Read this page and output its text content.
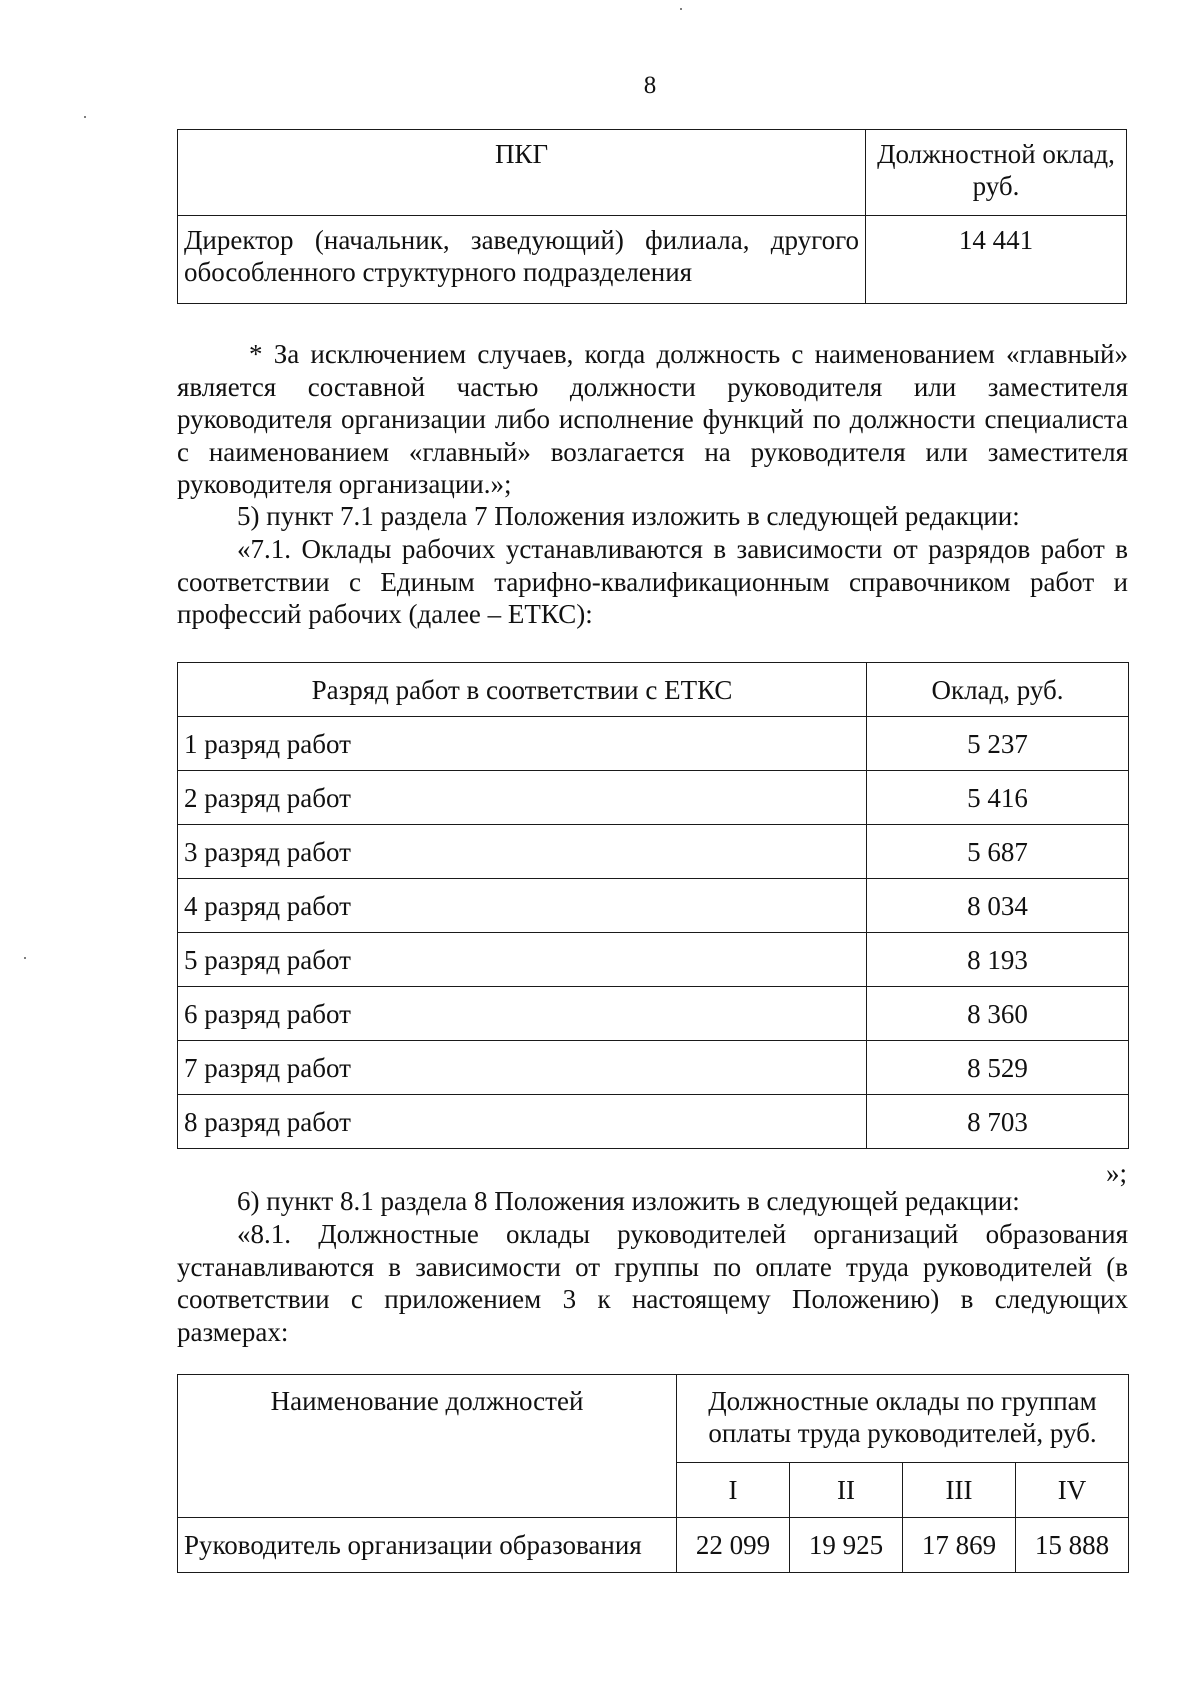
8
ПКГ	Должностной оклад, руб.
Директор (начальник, заведующий) филиала, другого обособленного структурного подразделения	14 441
* За исключением случаев, когда должность с наименованием «главный» является составной частью должности руководителя или заместителя руководителя организации либо исполнение функций по должности специалиста с наименованием «главный» возлагается на руководителя или заместителя руководителя организации.»;
5) пункт 7.1 раздела 7 Положения изложить в следующей редакции:
«7.1. Оклады рабочих устанавливаются в зависимости от разрядов работ в соответствии с Единым тарифно-квалификационным справочником работ и профессий рабочих (далее – ЕТКС):
Разряд работ в соответствии с ЕТКС	Оклад, руб.
1 разряд работ	5 237
2 разряд работ	5 416
3 разряд работ	5 687
4 разряд работ	8 034
5 разряд работ	8 193
6 разряд работ	8 360
7 разряд работ	8 529
8 разряд работ	8 703
»;
6) пункт 8.1 раздела 8 Положения изложить в следующей редакции:
«8.1. Должностные оклады руководителей организаций образования устанавливаются в зависимости от группы по оплате труда руководителей (в соответствии с приложением 3 к настоящему Положению) в следующих размерах:
Наименование должностей	Должностные оклады по группам оплаты труда руководителей, руб.			
	I	II	III	IV
Руководитель организации образования	22 099	19 925	17 869	15 888
